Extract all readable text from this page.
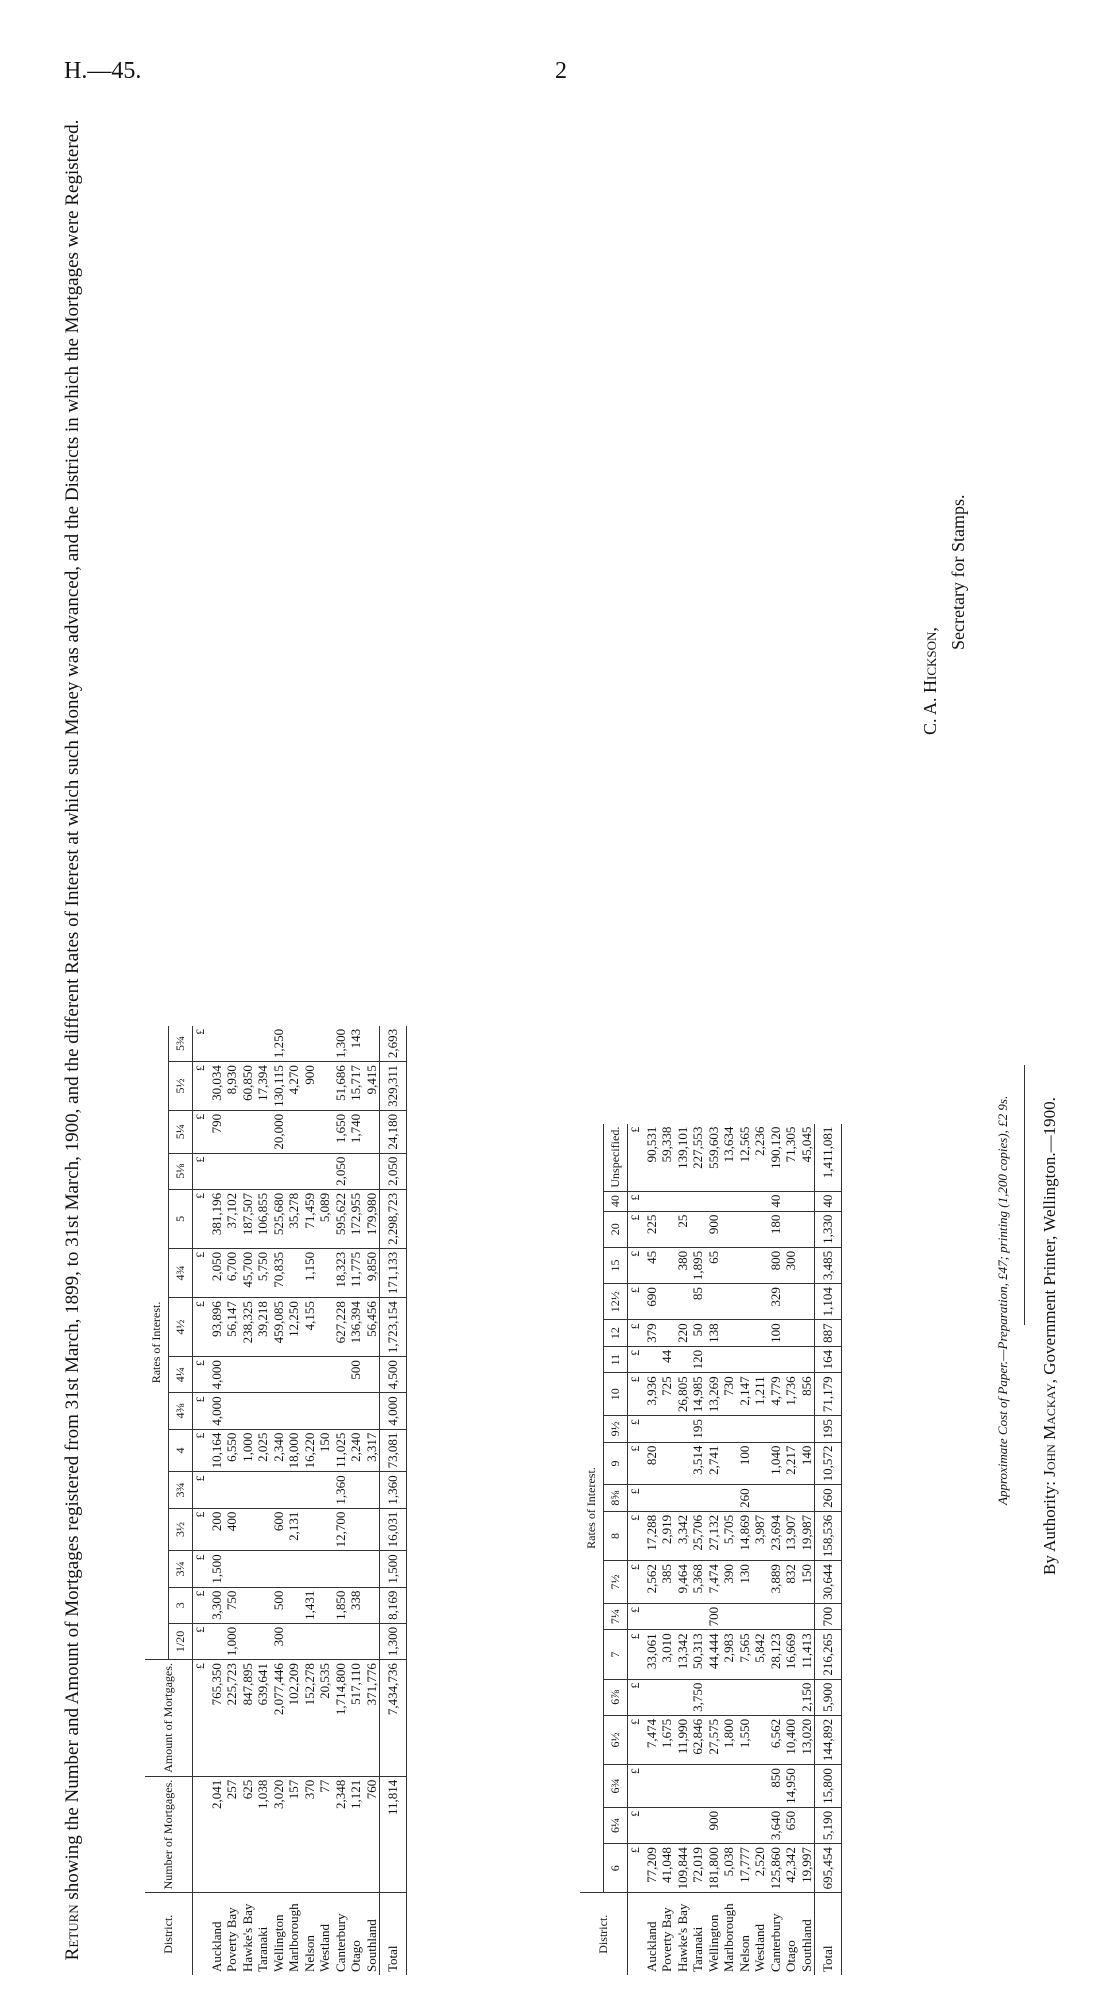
H.—45.	2
Return showing the Number and Amount of Mortgages registered from 31st March, 1899, to 31st March, 1900, and the different Rates of Interest at which such Money was advanced, and the Districts in which the Mortgages were Registered.
District.	Number of Mortgages.	Amount of Mortgages.	Rates of Interest.														
			1/20	3	3¼	3½	3¾	4	4⅜	4¼	4½	4¾	5	5⅛	5¼	5½	5¾
		£	£	£	£	£	£	£	£	£	£	£	£	£	£	£	£
Auckland	2,041	765,350		3,300	1,500	200		10,164	4,000	4,000	93,896	2,050	381,196		790	30,034	
Poverty Bay	257	225,723	1,000	750		400		6,550			56,147	6,700	37,102			8,930	
Hawke's Bay	625	847,895						1,000			238,325	45,700	187,507			60,850	
Taranaki	1,038	639,641						2,025			39,218	5,750	106,855			17,394	
Wellington	3,020	2,077,446	300	500		600		2,340			459,085	70,835	525,680		20,000	130,115	1,250
Marlborough	157	102,209				2,131		18,000			12,250		35,278			4,270	
Nelson	370	152,278		1,431				16,220			4,155	1,150	71,459			900	
Westland	77	20,535						150					5,089				
Canterbury	2,348	1,714,800		1,850		12,700	1,360	11,025			627,228	18,323	595,622	2,050	1,650	51,686	1,300
Otago	1,121	517,110		338				2,240		500	136,394	11,775	172,955		1,740	15,717	143
Southland	760	371,776						3,317			56,456	9,850	179,980			9,415	
Total	11,814	7,434,736	1,300	8,169	1,500	16,031	1,360	73,081	4,000	4,500	1,723,154	171,133	2,298,723	2,050	24,180	329,311	2,693
District.	Rates of Interest.																			
	6	6¼	6¾	6½	6⅞	7	7¼	7½	8	8⅝	9	9½	10	11	12	12½	15	20	40	Unspecified.
	£	£	£	£	£	£	£	£	£	£	£	£	£	£	£	£	£	£	£	£
Auckland	77,209			7,474		33,061		2,562	17,288		820		3,936		379	690	45	225		90,531
Poverty Bay	41,048			1,675		3,010		385	2,919				725	44						59,338
Hawke's Bay	109,844			11,990		13,342		9,464	3,342				26,805		220		380	25		139,101
Taranaki	72,019			62,846	3,750	50,313		5,368	25,706		3,514	195	14,985	120	50	85	1,895			227,553
Wellington	181,800	900		27,575		44,444	700	7,474	27,132		2,741		13,269		138		65	900		559,603
Marlborough	5,038			1,800		2,983		390	5,705				730							13,634
Nelson	17,777			1,550		7,565		130	14,869	260	100		2,147							12,565
Westland	2,520					5,842			3,987				1,211							2,236
Canterbury	125,860	3,640	850	6,562		28,123		3,889	23,694		1,040		4,779		100	329	800	180	40	190,120
Otago	42,342	650	14,950	10,400		16,669		832	13,907		2,217		1,736				300			71,305
Southland	19,997			13,020	2,150	11,413		150	19,987		140		856							45,045
Total	695,454	5,190	15,800	144,892	5,900	216,265	700	30,644	158,536	260	10,572	195	71,179	164	887	1,104	3,485	1,330	40	1,411,081
C. A. Hickson,
Secretary for Stamps.
Approximate Cost of Paper.—Preparation, £47; printing (1,200 copies), £2 9s.
By Authority: John Mackay, Government Printer, Wellington.—1900.
